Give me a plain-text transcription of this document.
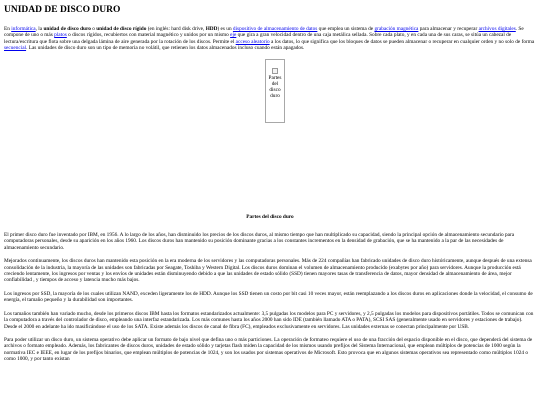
UNIDAD DE DISCO DURO

En informática, la unidad de disco duro o unidad de disco rígido (en inglés: hard disk drive, HDD) es un dispositivo de almacenamiento de datos que emplea un sistema de grabación magnética para almacenar y recuperar archivos digitales. Se compone de uno o más platos o discos rígidos, recubiertos con material magnético y unidos por un mismo eje que gira a gran velocidad dentro de una caja metálica sellada. Sobre cada plato, y en cada una de sus caras, se sitúa un cabezal de lectura/escritura que flota sobre una delgada lámina de aire generada por la rotación de los discos. Permite el acceso aleatorio a los datos, lo que significa que los bloques de datos se pueden almacenar o recuperar en cualquier orden y no solo de forma secuencial. Las unidades de disco duro son un tipo de memoria no volátil, que retienen los datos almacenados incluso cuando están apagados.

Partes del disco duro

Partes del disco duro

El primer disco duro fue inventado por IBM, en 1956. A lo largo de los años, han disminuido los precios de los discos duros, al mismo tiempo que han multiplicado su capacidad, siendo la principal opción de almacenamiento secundario para computadoras personales, desde su aparición en los años 1960. Los discos duros han mantenido su posición dominante gracias a los constantes incrementos en la densidad de grabación, que se ha mantenido a la par de las necesidades de almacenamiento secundario.

Mejorados continuamente, los discos duros han mantenido esta posición en la era moderna de los servidores y las computadoras personales. Más de 224 compañías han fabricado unidades de disco duro históricamente, aunque después de una extensa consolidación de la industria, la mayoría de las unidades son fabricadas por Seagate, Toshiba y Western Digital. Los discos duros dominan el volumen de almacenamiento producido (exabytes por año) para servidores. Aunque la producción está creciendo lentamente, los ingresos por ventas y los envíos de unidades están disminuyendo debido a que las unidades de estado sólido (SSD) tienen mayores tasas de transferencia de datos, mayor densidad de almacenamiento de área, mejor confiabilidad , y tiempos de acceso y latencia mucho más bajos.

Los ingresos por SSD, la mayoría de los cuales utilizan NAND, exceden ligeramente los de HDD. Aunque los SSD tienen un costo por bit casi 10 veces mayor, están reemplazando a los discos duros en aplicaciones donde la velocidad, el consumo de energía, el tamaño pequeño y la durabilidad son importantes.

Los tamaños también han variado mucho, desde los primeros discos IBM hasta los formatos estandarizados actualmente: 3,5 pulgadas los modelos para PC y servidores, y 2,5 pulgadas los modelos para dispositivos portátiles. Todos se comunican con la computadora a través del controlador de disco, empleando una interfaz estandarizada. Los más comunes hasta los años 2000 han sido IDE (también llamado ATA o PATA), SCSI SAS (generalmente usado en servidores y estaciones de trabajo). Desde el 2000 en adelante ha ido masificándose el uso de los SATA. Existe además los discos de canal de fibra (FC), empleados exclusivamente en servidores. Las unidades externas se conectan principalmente por USB.

Para poder utilizar un disco duro, un sistema operativo debe aplicar un formato de bajo nivel que defina uno o más particiones. La operación de formateo requiere el uso de una fracción del espacio disponible en el disco, que dependerá del sistema de archivos o formato empleado. Además, los fabricantes de discos duros, unidades de estado sólido y tarjetas flash miden la capacidad de los mismos usando prefijos del Sistema Internacional, que emplean múltiplos de potencias de 1000 según la normativa IEC e IEEE, en lugar de los prefijos binarios, que emplean múltiplos de potencias de 1024, y son los usados por sistemas operativos de Microsoft. Esto provoca que en algunos sistemas operativos sea representado como múltiplos 1024 o como 1000, y por tanto existan
